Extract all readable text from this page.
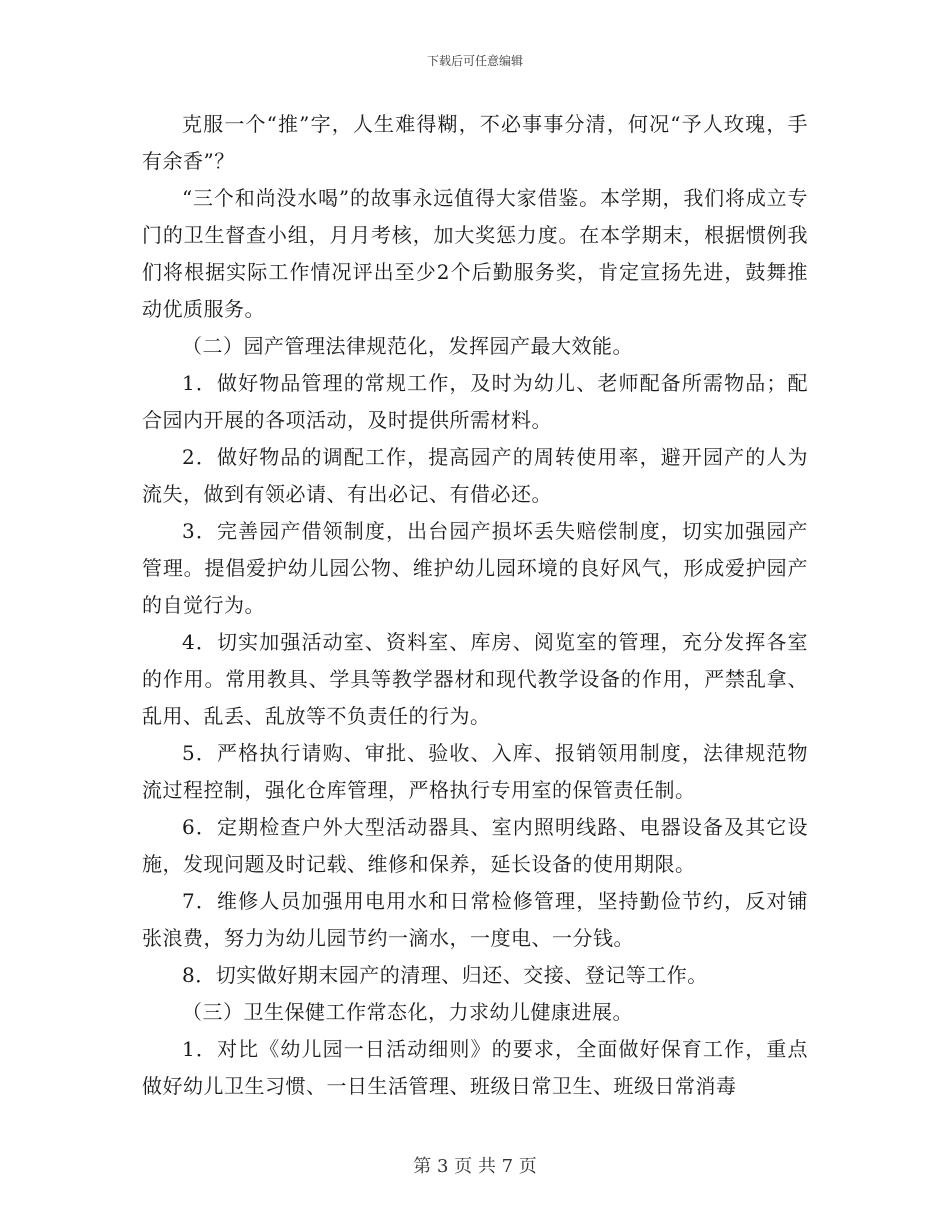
下载后可任意编辑

克服一个“推”字，人生难得糊，不必事事分清，何况“予人玫瑰，手有余香”？

“三个和尚没水喝”的故事永远值得大家借鉴。本学期，我们将成立专门的卫生督查小组，月月考核，加大奖惩力度。在本学期末，根据惯例我们将根据实际工作情况评出至少2个后勤服务奖，肯定宣扬先进，鼓舞推动优质服务。

（二）园产管理法律规范化，发挥园产最大效能。

1．做好物品管理的常规工作，及时为幼儿、老师配备所需物品；配合园内开展的各项活动，及时提供所需材料。

2．做好物品的调配工作，提高园产的周转使用率，避开园产的人为流失，做到有领必请、有出必记、有借必还。

3．完善园产借领制度，出台园产损坏丢失赔偿制度，切实加强园产管理。提倡爱护幼儿园公物、维护幼儿园环境的良好风气，形成爱护园产的自觉行为。

4．切实加强活动室、资料室、库房、阅览室的管理，充分发挥各室的作用。常用教具、学具等教学器材和现代教学设备的作用，严禁乱拿、乱用、乱丢、乱放等不负责任的行为。

5．严格执行请购、审批、验收、入库、报销领用制度，法律规范物流过程控制，强化仓库管理，严格执行专用室的保管责任制。

6．定期检查户外大型活动器具、室内照明线路、电器设备及其它设施，发现问题及时记载、维修和保养，延长设备的使用期限。

7．维修人员加强用电用水和日常检修管理，坚持勤俭节约，反对铺张浪费，努力为幼儿园节约一滴水，一度电、一分钱。

8．切实做好期末园产的清理、归还、交接、登记等工作。

（三）卫生保健工作常态化，力求幼儿健康进展。

1．对比《幼儿园一日活动细则》的要求，全面做好保育工作，重点做好幼儿卫生习惯、一日生活管理、班级日常卫生、班级日常消毒

第 3 页 共 7 页
